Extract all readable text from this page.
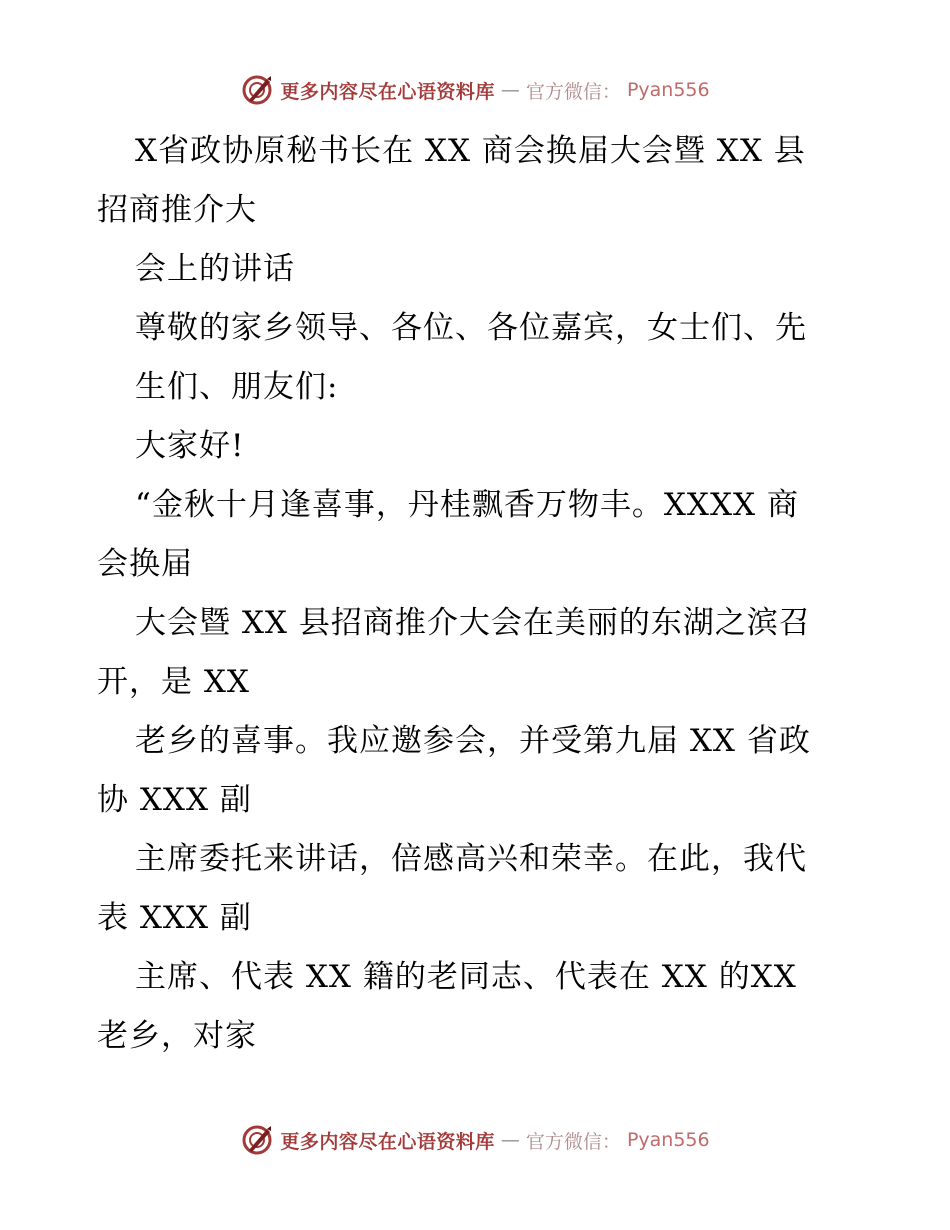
更多内容尽在心语资料库 — 官方微信： Pyan556
X省政协原秘书长在 XX 商会换届大会暨 XX 县
招商推介大
会上的讲话
尊敬的家乡领导、各位、各位嘉宾，女士们、先
生们、朋友们:
大家好!
“金秋十月逢喜事，丹桂飘香万物丰。XXXX 商
会换届
大会暨 XX 县招商推介大会在美丽的东湖之滨召
开，是 XX
老乡的喜事。我应邀参会，并受第九届 XX 省政
协 XXX 副
主席委托来讲话，倍感高兴和荣幸。在此，我代
表 XXX 副
主席、代表 XX 籍的老同志、代表在 XX 的XX
老乡，对家
更多内容尽在心语资料库 — 官方微信： Pyan556
